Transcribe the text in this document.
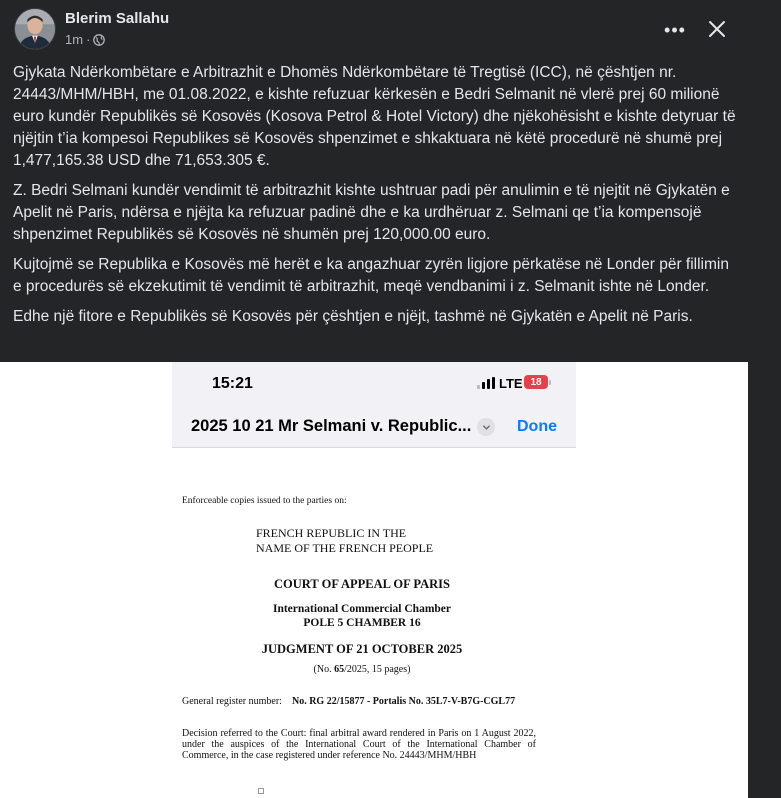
Blerim Sallahu
1m ·	•••

Gjykata Ndërkombëtare e Arbitrazhit e Dhomës Ndërkombëtare të Tregtisë (ICC), në çështjen nr. 24443/MHM/HBH, me 01.08.2022, e kishte refuzuar kërkesën e Bedri Selmanit në vlerë prej 60 milionë euro kundër Republikës së Kosovës (Kosova Petrol & Hotel Victory) dhe njëkohësisht e kishte detyruar të njëjtin t’ia kompesoi Republikes së Kosovës shpenzimet e shkaktuara në këtë procedurë në shumë prej 1,477,165.38 USD dhe 71,653.305 €.

Z. Bedri Selmani kundër vendimit të arbitrazhit kishte ushtruar padi për anulimin e të njejtit në Gjykatën e Apelit në Paris, ndërsa e njëjta ka refuzuar padinë dhe e ka urdhëruar z. Selmani qe t’ia kompensojë shpenzimet Republikës së Kosovës në shumën prej 120,000.00 euro.

Kujtojmë se Republika e Kosovës më herët e ka angazhuar zyrën ligjore përkatëse në Londer për fillimin e procedurës së ekzekutimit të vendimit të arbitrazhit, meqë vendbanimi i z. Selmanit ishte në Londer.

Edhe një fitore e Republikës së Kosovës për çështjen e njëjt, tashmë në Gjykatën e Apelit në Paris.

15:21	LTE 18
2025 10 21 Mr Selmani v. Republic...	Done
Enforceable copies issued to the parties on:
FRENCH REPUBLIC IN THE
NAME OF THE FRENCH PEOPLE
COURT OF APPEAL OF PARIS
International Commercial Chamber
POLE 5 CHAMBER 16
JUDGMENT OF 21 OCTOBER 2025
(No. 65/2025, 15 pages)
General register number: No. RG 22/15877 - Portalis No. 35L7-V-B7G-CGL77
Decision referred to the Court: final arbitral award rendered in Paris on 1 August 2022, under the auspices of the International Court of the International Chamber of Commerce, in the case registered under reference No. 24443/MHM/HBH
